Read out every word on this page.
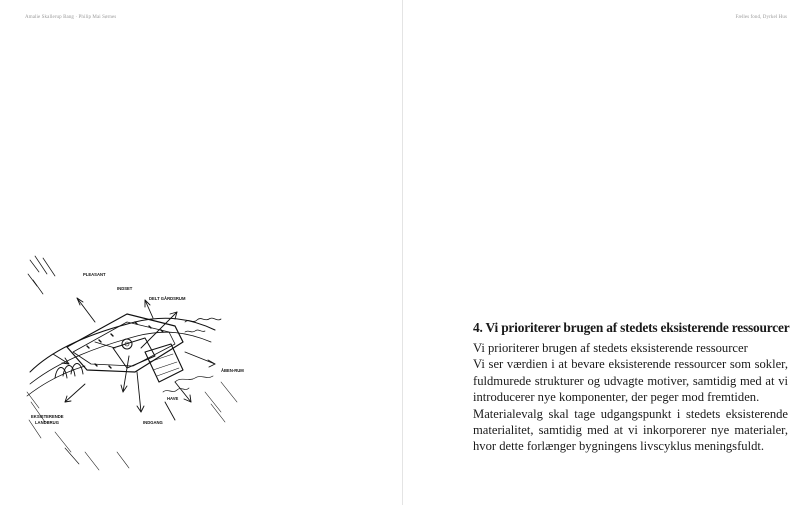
Amalie Skallerup Bang · Philip Mai Sørnes
PLEASANT
INDSET
DELT GÅRDSRUM
ÅBEN-RUM
EKSISTERENDE
LANDBRUG
HAVE
INDGANG
Fælles fond, Dyrkel Hus
4. Vi prioriterer brugen af stedets eksisterende ressourcer

Vi prioriterer brugen af stedets eksisterende ressourcer

Vi ser værdien i at bevare eksisterende ressourcer som sokler, fuldmurede strukturer og udvagte motiver, samtidig med at vi introducerer nye komponenter, der peger mod fremtiden.

Materialevalg skal tage udgangspunkt i stedets eksisterende materialitet, samtidig med at vi inkorporerer nye materialer, hvor dette forlænger bygningens livscyklus meningsfuldt.
